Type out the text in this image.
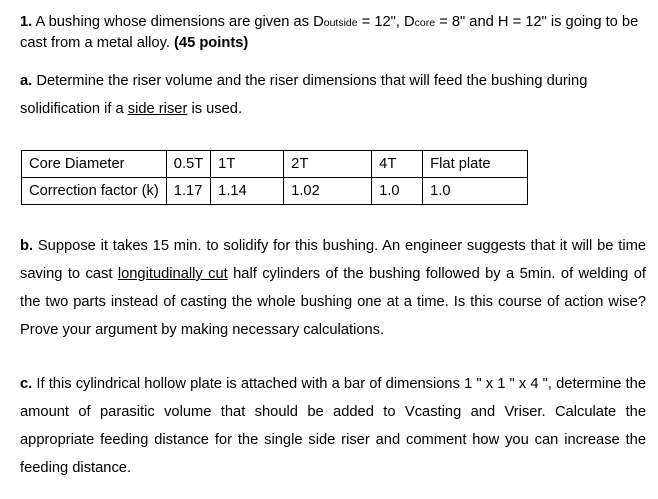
1. A bushing whose dimensions are given as Doutside = 12", Dcore = 8" and H = 12" is going to be cast from a metal alloy. (45 points)
a. Determine the riser volume and the riser dimensions that will feed the bushing during solidification if a side riser is used.
Core Diameter	0.5T	1T	2T	4T	Flat plate
Correction factor (k)	1.17	1.14	1.02	1.0	1.0
b. Suppose it takes 15 min. to solidify for this bushing. An engineer suggests that it will be time saving to cast longitudinally cut half cylinders of the bushing followed by a 5min. of welding of the two parts instead of casting the whole bushing one at a time. Is this course of action wise? Prove your argument by making necessary calculations.
c. If this cylindrical hollow plate is attached with a bar of dimensions 1 " x 1 " x 4 ", determine the amount of parasitic volume that should be added to Vcasting and Vriser. Calculate the appropriate feeding distance for the single side riser and comment how you can increase the feeding distance.
